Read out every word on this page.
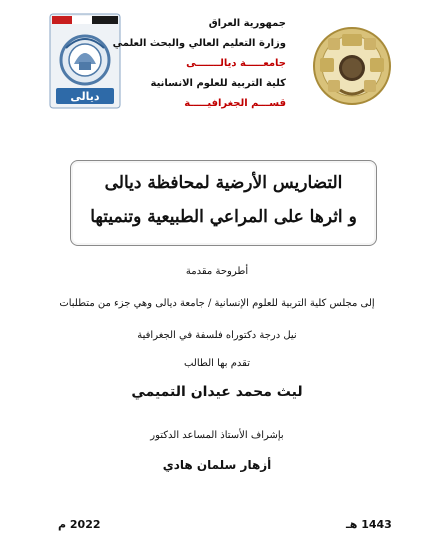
ديالى
جمهورية العراق
وزارة التعليم العالي والبحث العلمي
جامعـــــة ديالـــــــى
كلية التربية للعلوم الانسانية
قســـم الجغرافيـــــة
التضاريس الأرضية لمحافظة ديالى
و اثرها على المراعي الطبيعية وتنميتها
أطروحة مقدمة
إلى مجلس كلية التربية للعلوم الإنسانية / جامعة ديالى وهي جزء من متطلبات
نيل درجة دكتوراه فلسفة في الجغرافية
تقدم بها الطالب
ليث محمد عيدان التميمي
بإشراف الأستاذ المساعد الدكتور
أزهار سلمان هادي
1443 هـ
2022 م
